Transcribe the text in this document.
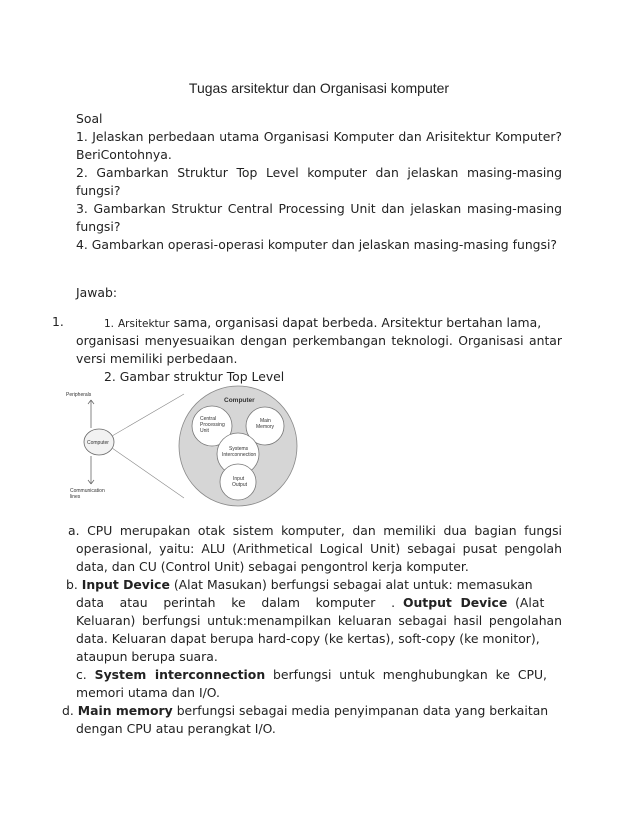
Tugas arsitektur dan Organisasi komputer
Soal
1. Jelaskan perbedaan utama Organisasi Komputer dan Arisitektur Komputer?
BeriContohnya.
2. Gambarkan Struktur Top Level komputer dan jelaskan masing-masing
fungsi?
3. Gambarkan Struktur Central Processing Unit dan jelaskan masing-masing
fungsi?
4. Gambarkan operasi-operasi komputer dan jelaskan masing-masing fungsi?
Jawab:
1.	1. Arsitektur sama, organisasi dapat berbeda. Arsitektur bertahan lama,
organisasi menyesuaikan dengan perkembangan teknologi. Organisasi antar
versi memiliki perbedaan.
2. Gambar struktur Top Level
Peripherals
Computer
Communication
lines
Computer
Central
Processing
Unit
Main
Memory
Systems
Interconnection
Input
Output
a. CPU merupakan otak sistem komputer, dan memiliki dua bagian fungsi
operasional, yaitu: ALU (Arithmetical Logical Unit) sebagai pusat pengolah
data, dan CU (Control Unit) sebagai pengontrol kerja komputer.
b. Input Device (Alat Masukan) berfungsi sebagai alat untuk: memasukan
data    atau    perintah    ke    dalam    komputer    .  Output  Device  (Alat
Keluaran) berfungsi untuk:menampilkan keluaran sebagai hasil pengolahan
data. Keluaran dapat berupa hard-copy (ke kertas), soft-copy (ke monitor),
ataupun berupa suara.
c.  System  interconnection  berfungsi  untuk  menghubungkan  ke  CPU,
memori utama dan I/O.
d. Main memory berfungsi sebagai media penyimpanan data yang berkaitan
dengan CPU atau perangkat I/O.
